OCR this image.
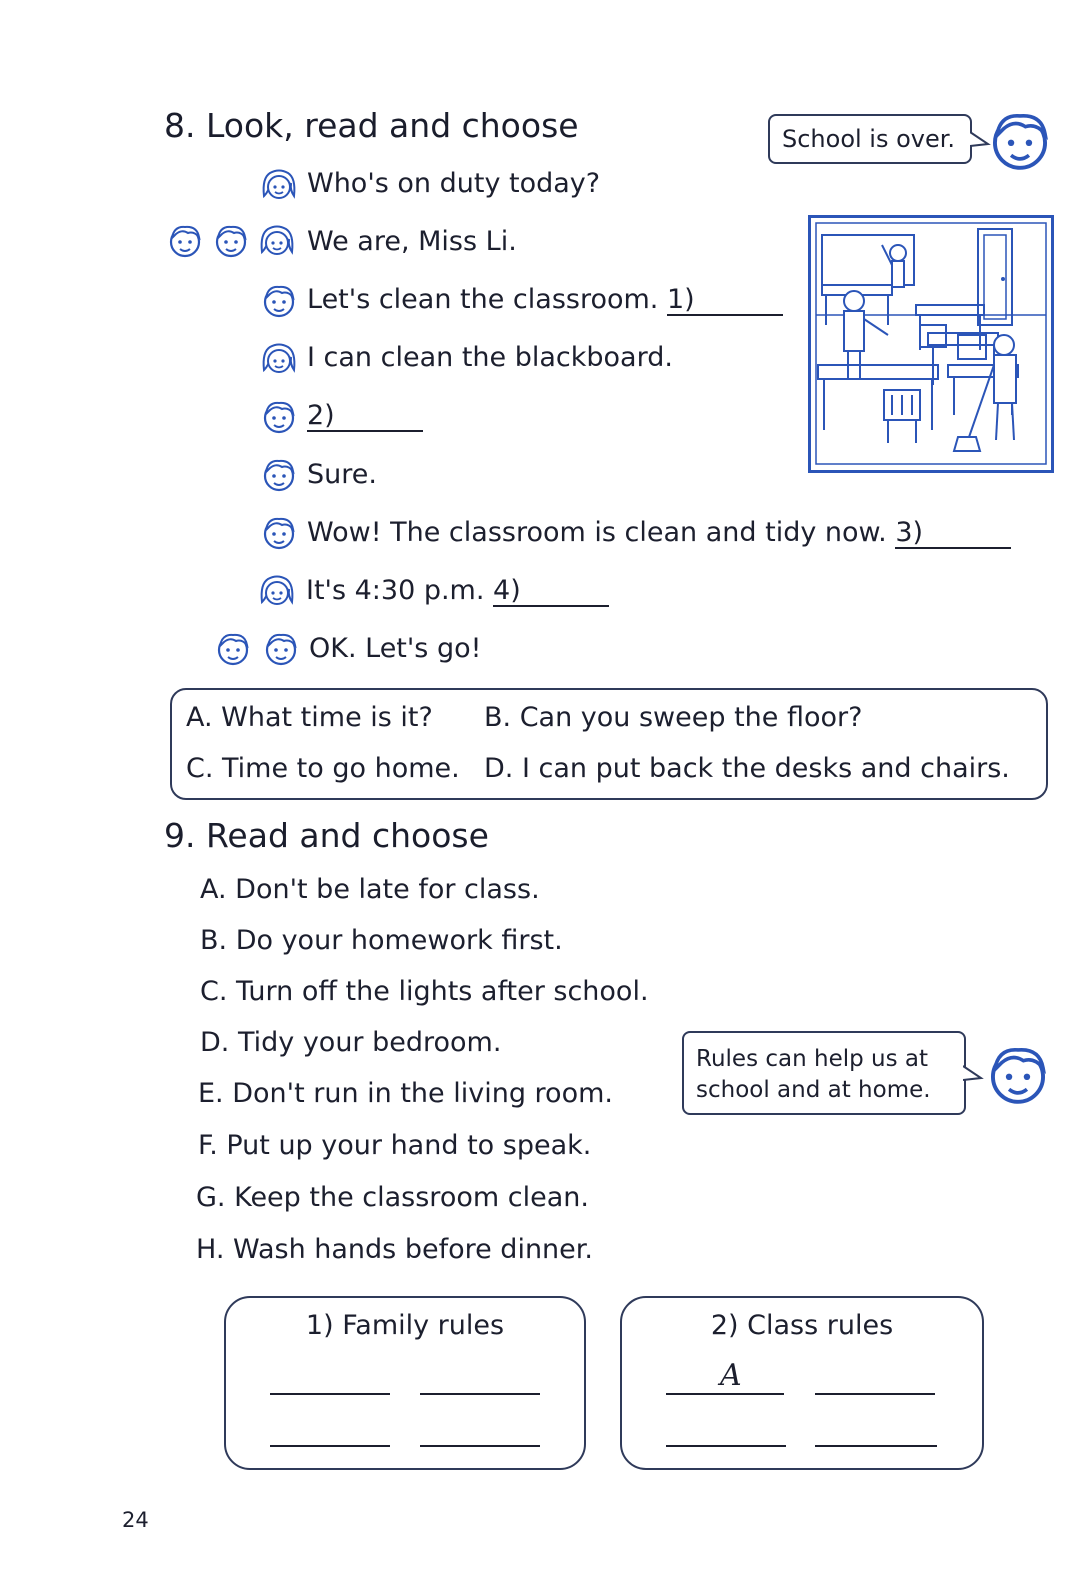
8. Look, read and choose	School is over.
Who's on duty today?
We are, Miss Li.
Let's clean the classroom. 1)
I can clean the blackboard.
2)
Sure.
Wow! The classroom is clean and tidy now. 3)
It's 4:30 p.m. 4)
OK. Let's go!
A. What time is it? B. Can you sweep the floor?
C. Time to go home. D. I can put back the desks and chairs.
9. Read and choose
A. Don't be late for class.
B. Do your homework first.
C. Turn off the lights after school.
D. Tidy your bedroom.
E. Don't run in the living room.
F. Put up your hand to speak.
G. Keep the classroom clean.
H. Wash hands before dinner.
Rules can help us at
school and at home.
1) Family rules	2) Class rules
A
24
